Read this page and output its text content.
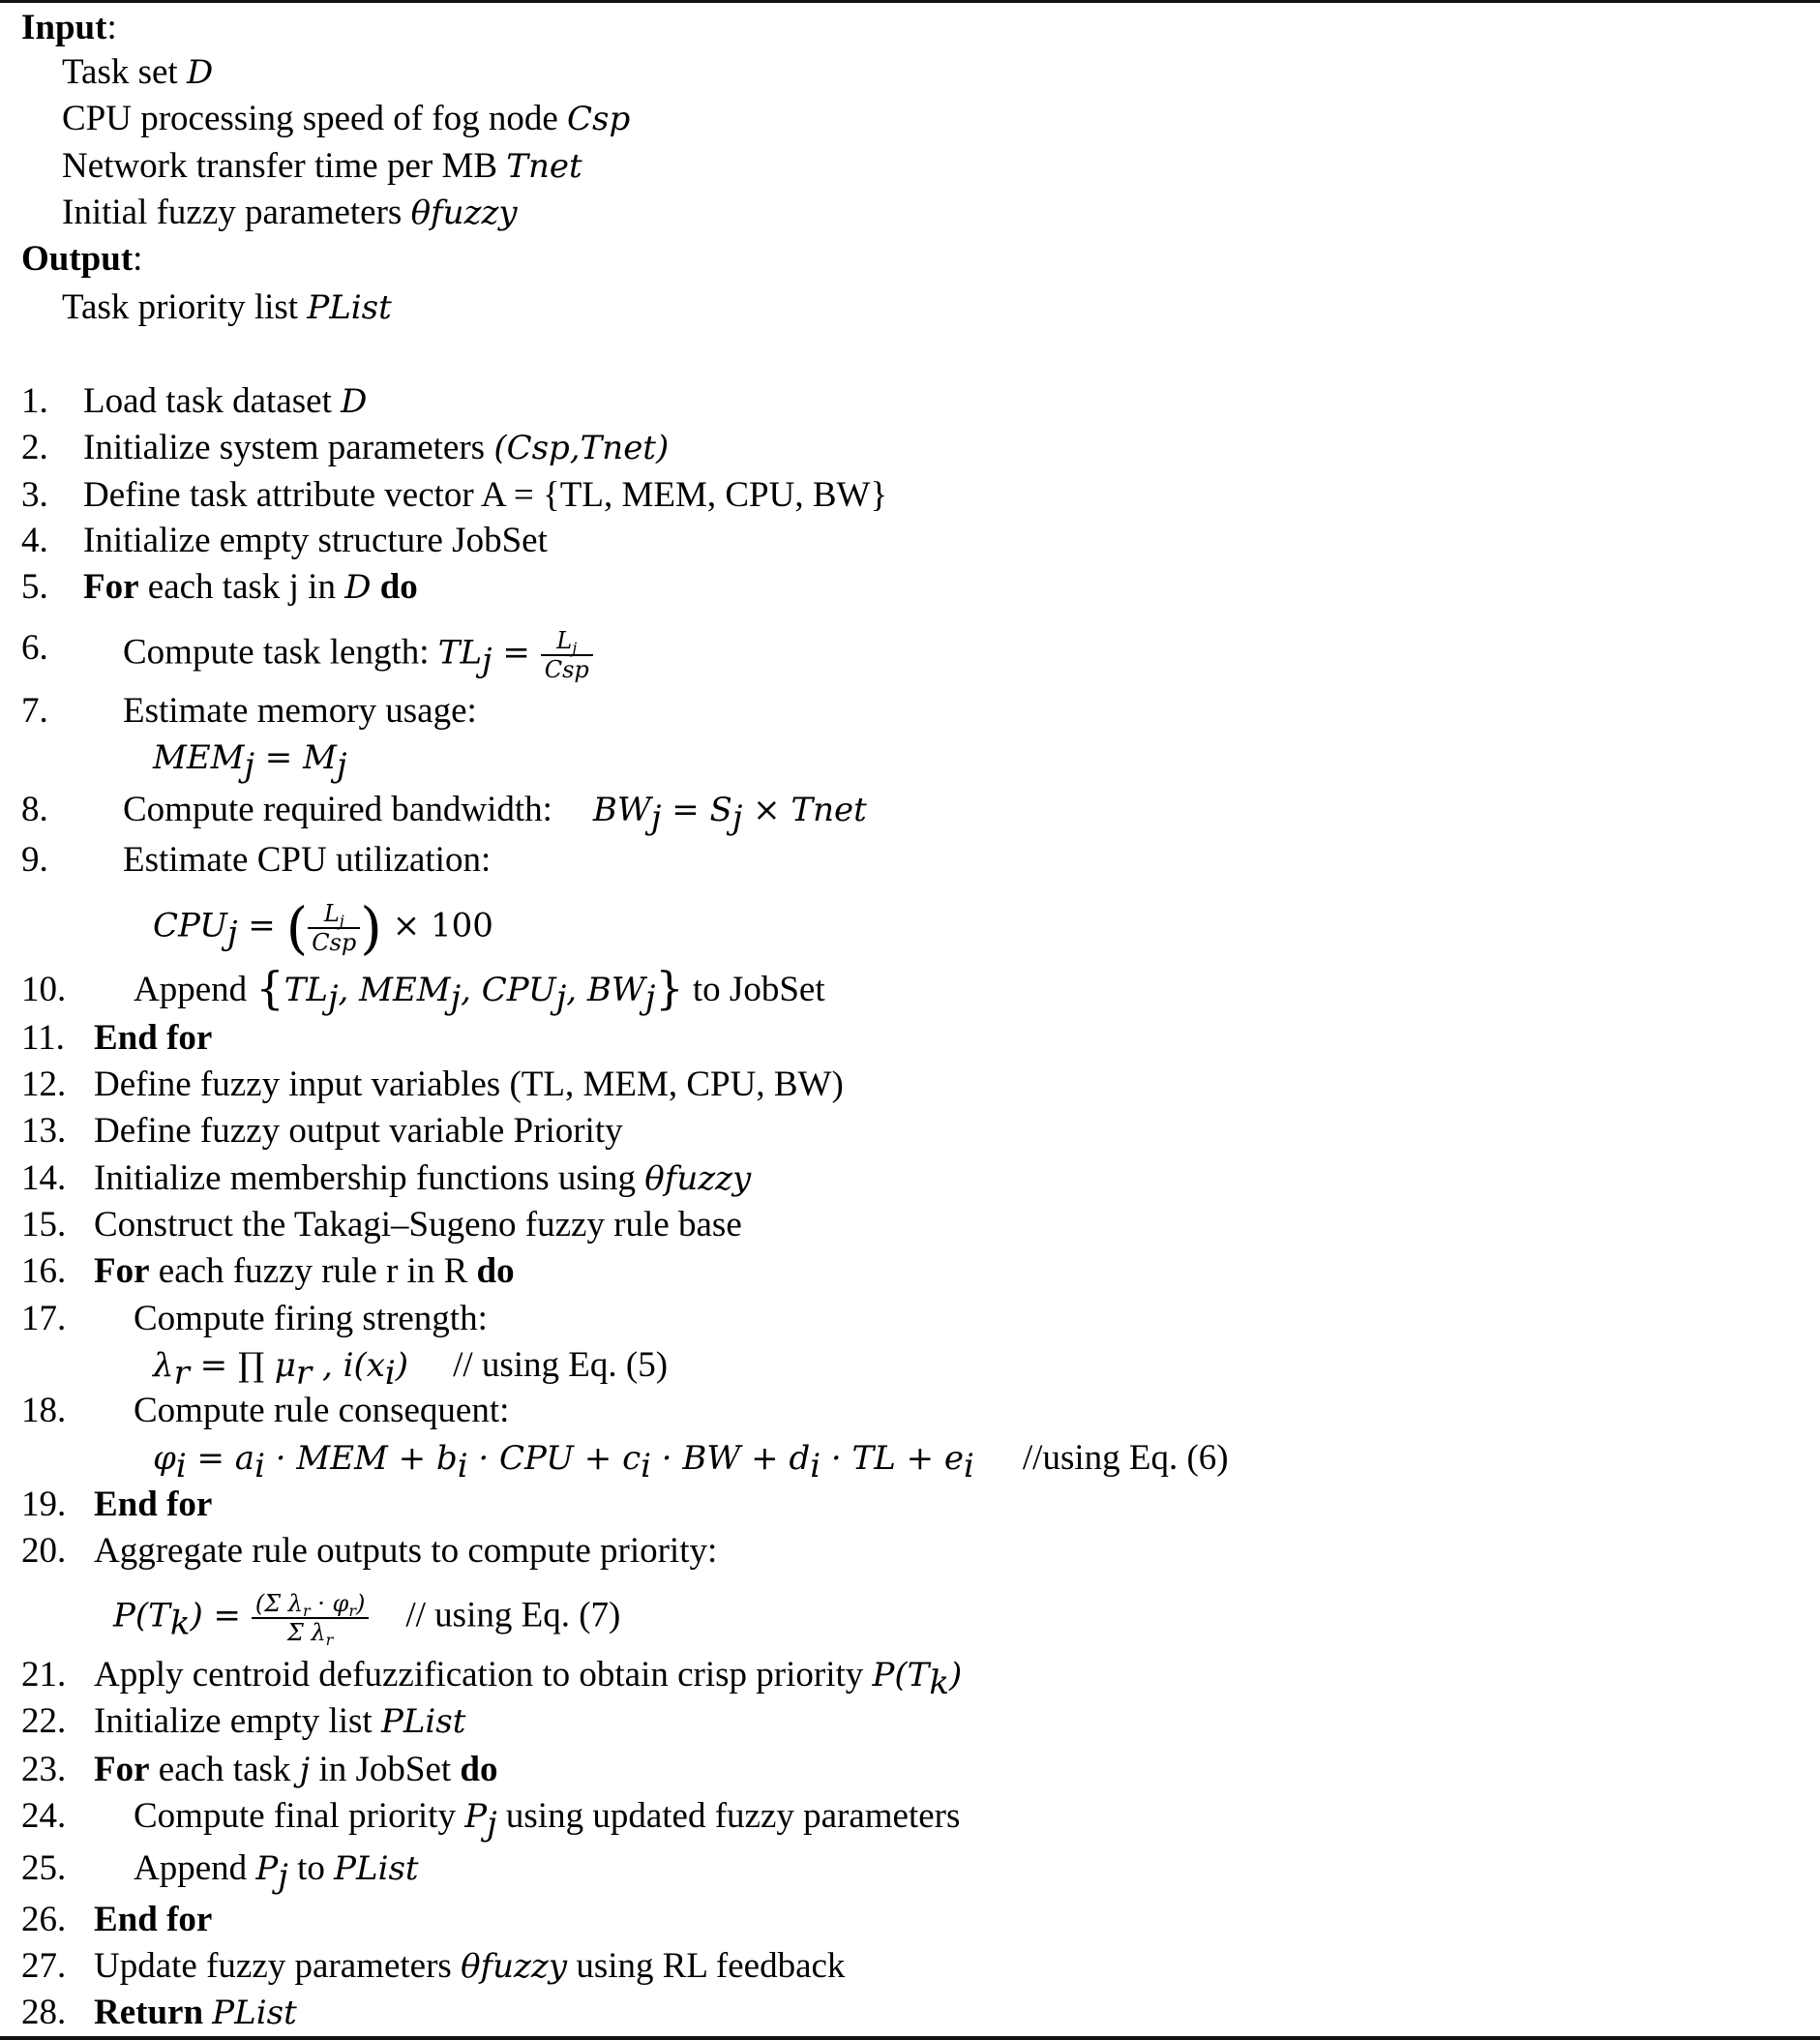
Input:
Task set D
CPU processing speed of fog node Csp
Network transfer time per MB Tnet
Initial fuzzy parameters θfuzzy
Output:
Task priority list PList
1. Load task dataset D
2. Initialize system parameters (Csp,Tnet)
3. Define task attribute vector A = {TL, MEM, CPU, BW}
4. Initialize empty structure JobSet
5. For each task j in D do
6. Compute task length: $TL_j = \frac{L_j}{\text{Csp}}$
7. Estimate memory usage:
$MEM_j = M_j$
8. Compute required bandwidth: $BW_j = S_j$ × Tnet
9. Estimate CPU utilization:
$CPU_j$ = ( $\frac{L_j}{\text{Csp}}$ ) × 100
10. Append {$TL_j$, $MEM_j$, $CPU_j$, $BW_j$} to JobSet
11. End for
12. Define fuzzy input variables (TL, MEM, CPU, BW)
13. Define fuzzy output variable Priority
14. Initialize membership functions using θfuzzy
15. Construct the Takagi–Sugeno fuzzy rule base
16. For each fuzzy rule r in R do
17. Compute firing strength:
$\lambda_r$ = ∏ $\mu_r$ , $i(x_i)$ // using Eq. (5)
18. Compute rule consequent:
$\varphi_i = a_i$ · MEM + $b_i$ · CPU + $c_i$ · BW + $d_i$ · TL + $e_i$ //using Eq. (6)
19. End for
20. Aggregate rule outputs to compute priority:
$P(T_k) = \frac{(\Sigma \lambda_r \cdot \varphi_r)}{\Sigma \lambda_r} // using$ Eq. (7)
21. Apply centroid defuzzification to obtain crisp priority $P(T_k)$
22. Initialize empty list PList
23. For each task j in JobSet do
24. Compute final priority $P_j$ using updated fuzzy parameters
25. Append $P_j$ to PList
26. End for
27. Update fuzzy parameters θfuzzy using RL feedback
28. Return PList
